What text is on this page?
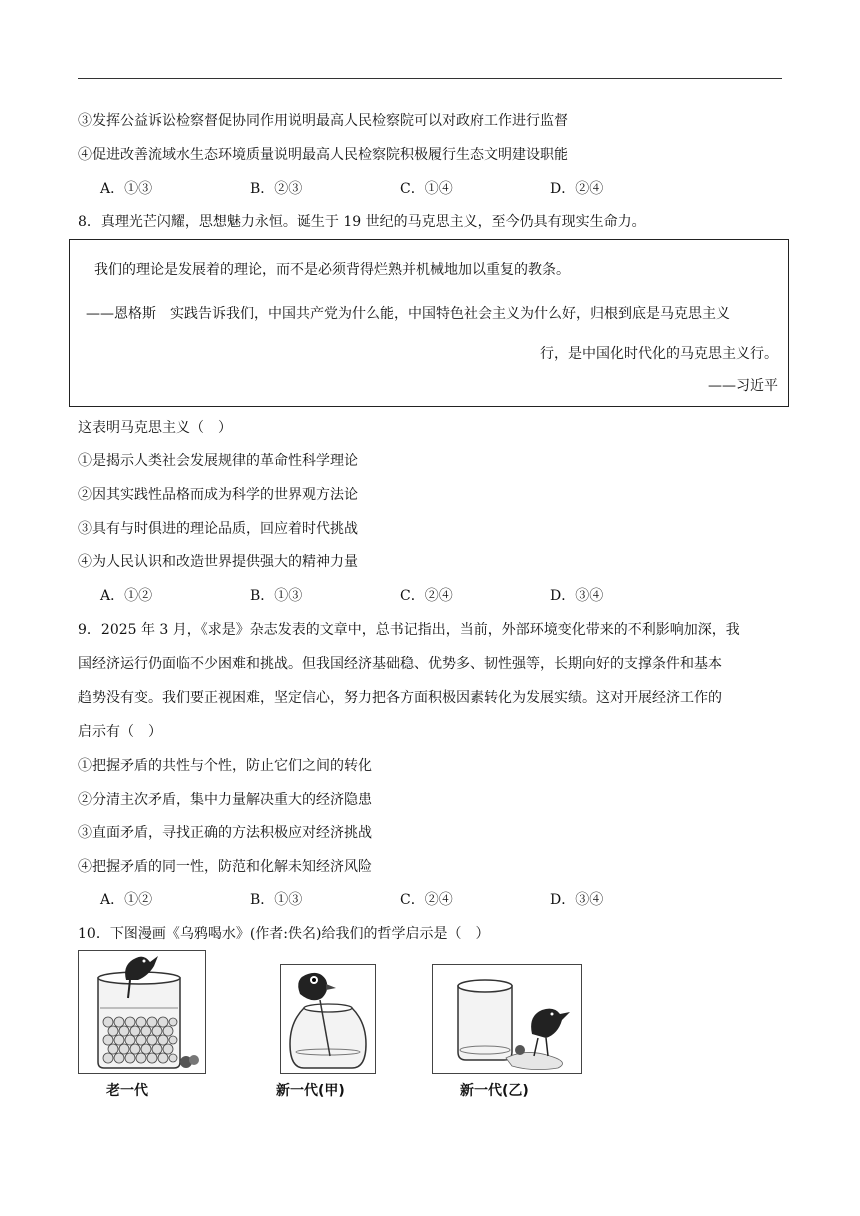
③发挥公益诉讼检察督促协同作用说明最高人民检察院可以对政府工作进行监督
④促进改善流域水生态环境质量说明最高人民检察院积极履行生态文明建设职能
A．①③	B．②③	C．①④	D．②④
8．真理光芒闪耀，思想魅力永恒。诞生于 19 世纪的马克思主义，至今仍具有现实生命力。
我们的理论是发展着的理论，而不是必须背得烂熟并机械地加以重复的教条。
——恩格斯　实践告诉我们，中国共产党为什么能，中国特色社会主义为什么好，归根到底是马克思主义
行，是中国化时代化的马克思主义行。
——习近平
这表明马克思主义（　）
①是揭示人类社会发展规律的革命性科学理论
②因其实践性品格而成为科学的世界观方法论
③具有与时俱进的理论品质，回应着时代挑战
④为人民认识和改造世界提供强大的精神力量
A．①②	B．①③	C．②④	D．③④
9．2025 年 3 月，《求是》杂志发表的文章中，总书记指出，当前，外部环境变化带来的不利影响加深，我
国经济运行仍面临不少困难和挑战。但我国经济基础稳、优势多、韧性强等，长期向好的支撑条件和基本
趋势没有变。我们要正视困难，坚定信心，努力把各方面积极因素转化为发展实绩。这对开展经济工作的
启示有（　）
①把握矛盾的共性与个性，防止它们之间的转化
②分清主次矛盾，集中力量解决重大的经济隐患
③直面矛盾，寻找正确的方法积极应对经济挑战
④把握矛盾的同一性，防范和化解未知经济风险
A．①②	B．①③	C．②④	D．③④
10．下图漫画《乌鸦喝水》(作者:佚名)给我们的哲学启示是（　）
老一代	新一代(甲)	新一代(乙)
